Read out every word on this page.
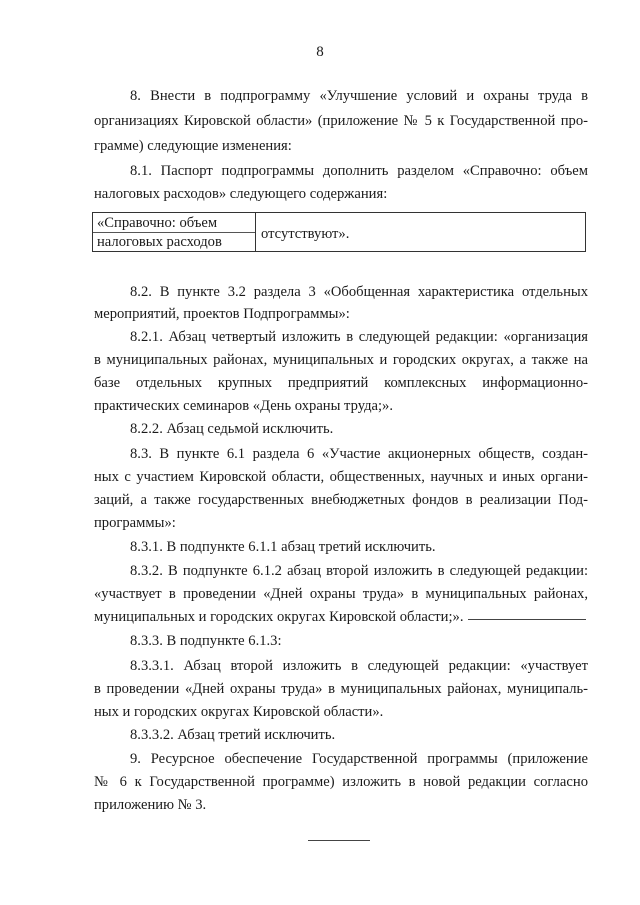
8
8. Внести в подпрограмму «Улучшение условий и охраны труда в
организациях Кировской области» (приложение № 5 к Государственной про-
грамме) следующие изменения:
8.1. Паспорт подпрограммы дополнить разделом «Справочно: объем
налоговых расходов» следующего содержания:
«Справочно: объем
налоговых расходов	отсутствуют».
8.2. В пункте 3.2 раздела 3 «Обобщенная характеристика отдельных
мероприятий, проектов Подпрограммы»:
8.2.1. Абзац четвертый изложить в следующей редакции: «организация
в муниципальных районах, муниципальных и городских округах, а также на
базе отдельных крупных предприятий комплексных информационно-
практических семинаров «День охраны труда;».
8.2.2. Абзац седьмой исключить.
8.3. В пункте 6.1 раздела 6 «Участие акционерных обществ, создан-
ных с участием Кировской области, общественных, научных и иных органи-
заций, а также государственных внебюджетных фондов в реализации Под-
программы»:
8.3.1. В подпункте 6.1.1 абзац третий исключить.
8.3.2. В подпункте 6.1.2 абзац второй изложить в следующей редакции:
«участвует в проведении «Дней охраны труда» в муниципальных районах,
муниципальных и городских округах Кировской области;».
8.3.3. В подпункте 6.1.3:
8.3.3.1. Абзац второй изложить в следующей редакции: «участвует
в проведении «Дней охраны труда» в муниципальных районах, муниципаль-
ных и городских округах Кировской области».
8.3.3.2. Абзац третий исключить.
9. Ресурсное обеспечение Государственной программы (приложение
№ 6 к Государственной программе) изложить в новой редакции согласно
приложению № 3.
